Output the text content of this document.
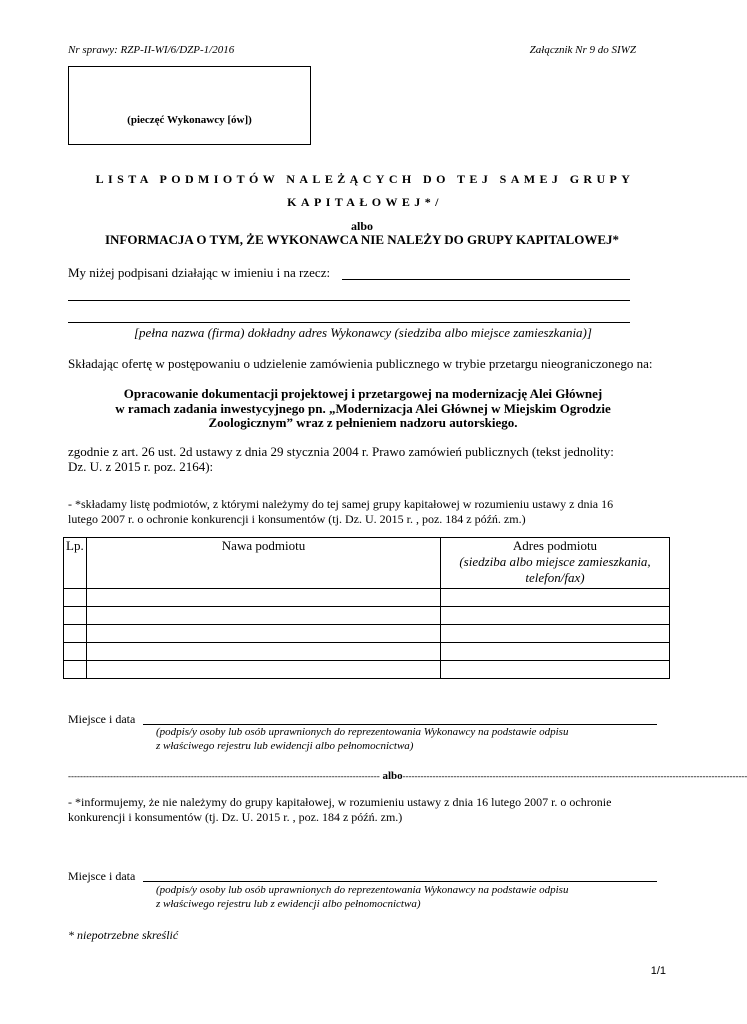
Nr sprawy: RZP-II-WI/6/DZP-1/2016	Załącznik Nr 9 do SIWZ
(pieczęć Wykonawcy [ów])
LISTA PODMIOTÓW NALEŻĄCYCH DO TEJ SAMEJ GRUPY
KAPITAŁOWEJ*/
albo
INFORMACJA O TYM, ŻE WYKONAWCA NIE NALEŻY DO GRUPY KAPITALOWEJ*
My niżej podpisani działając w imieniu i na rzecz:
[pełna nazwa (firma) dokładny adres Wykonawcy (siedziba albo miejsce zamieszkania)]
Składając ofertę w postępowaniu o udzielenie zamówienia publicznego w trybie przetargu nieograniczonego na:
Opracowanie dokumentacji projektowej i przetargowej na modernizację Alei Głównej
w ramach zadania inwestycyjnego pn. „Modernizacja Alei Głównej w Miejskim Ogrodzie
Zoologicznym” wraz z pełnieniem nadzoru autorskiego.
zgodnie z art. 26 ust. 2d ustawy z dnia 29 stycznia 2004 r. Prawo zamówień publicznych (tekst jednolity:
Dz. U. z 2015 r. poz. 2164):
- *składamy listę podmiotów, z którymi należymy do tej samej grupy kapitałowej w rozumieniu ustawy z dnia 16
lutego 2007 r. o ochronie konkurencji i konsumentów (tj. Dz. U. 2015 r. , poz. 184 z późń. zm.)
Lp.	Nawa podmiotu	Adres podmiotu
(siedziba albo miejsce zamieszkania,
telefon/fax)

Miejsce i data
(podpis/y osoby lub osób uprawnionych do reprezentowania Wykonawcy na podstawie odpisu
z właściwego rejestru lub ewidencji albo pełnomocnictwa)
-------------------------------------------------------------------------------------------------------- albo-------------------------------------------------------------------------------------------------------------------
- *informujemy, że nie należymy do grupy kapitałowej, w rozumieniu ustawy z dnia 16 lutego 2007 r. o ochronie
konkurencji i konsumentów (tj. Dz. U. 2015 r. , poz. 184 z późń. zm.)
Miejsce i data
(podpis/y osoby lub osób uprawnionych do reprezentowania Wykonawcy na podstawie odpisu
z właściwego rejestru lub z ewidencji albo pełnomocnictwa)
* niepotrzebne skreślić
1/1
